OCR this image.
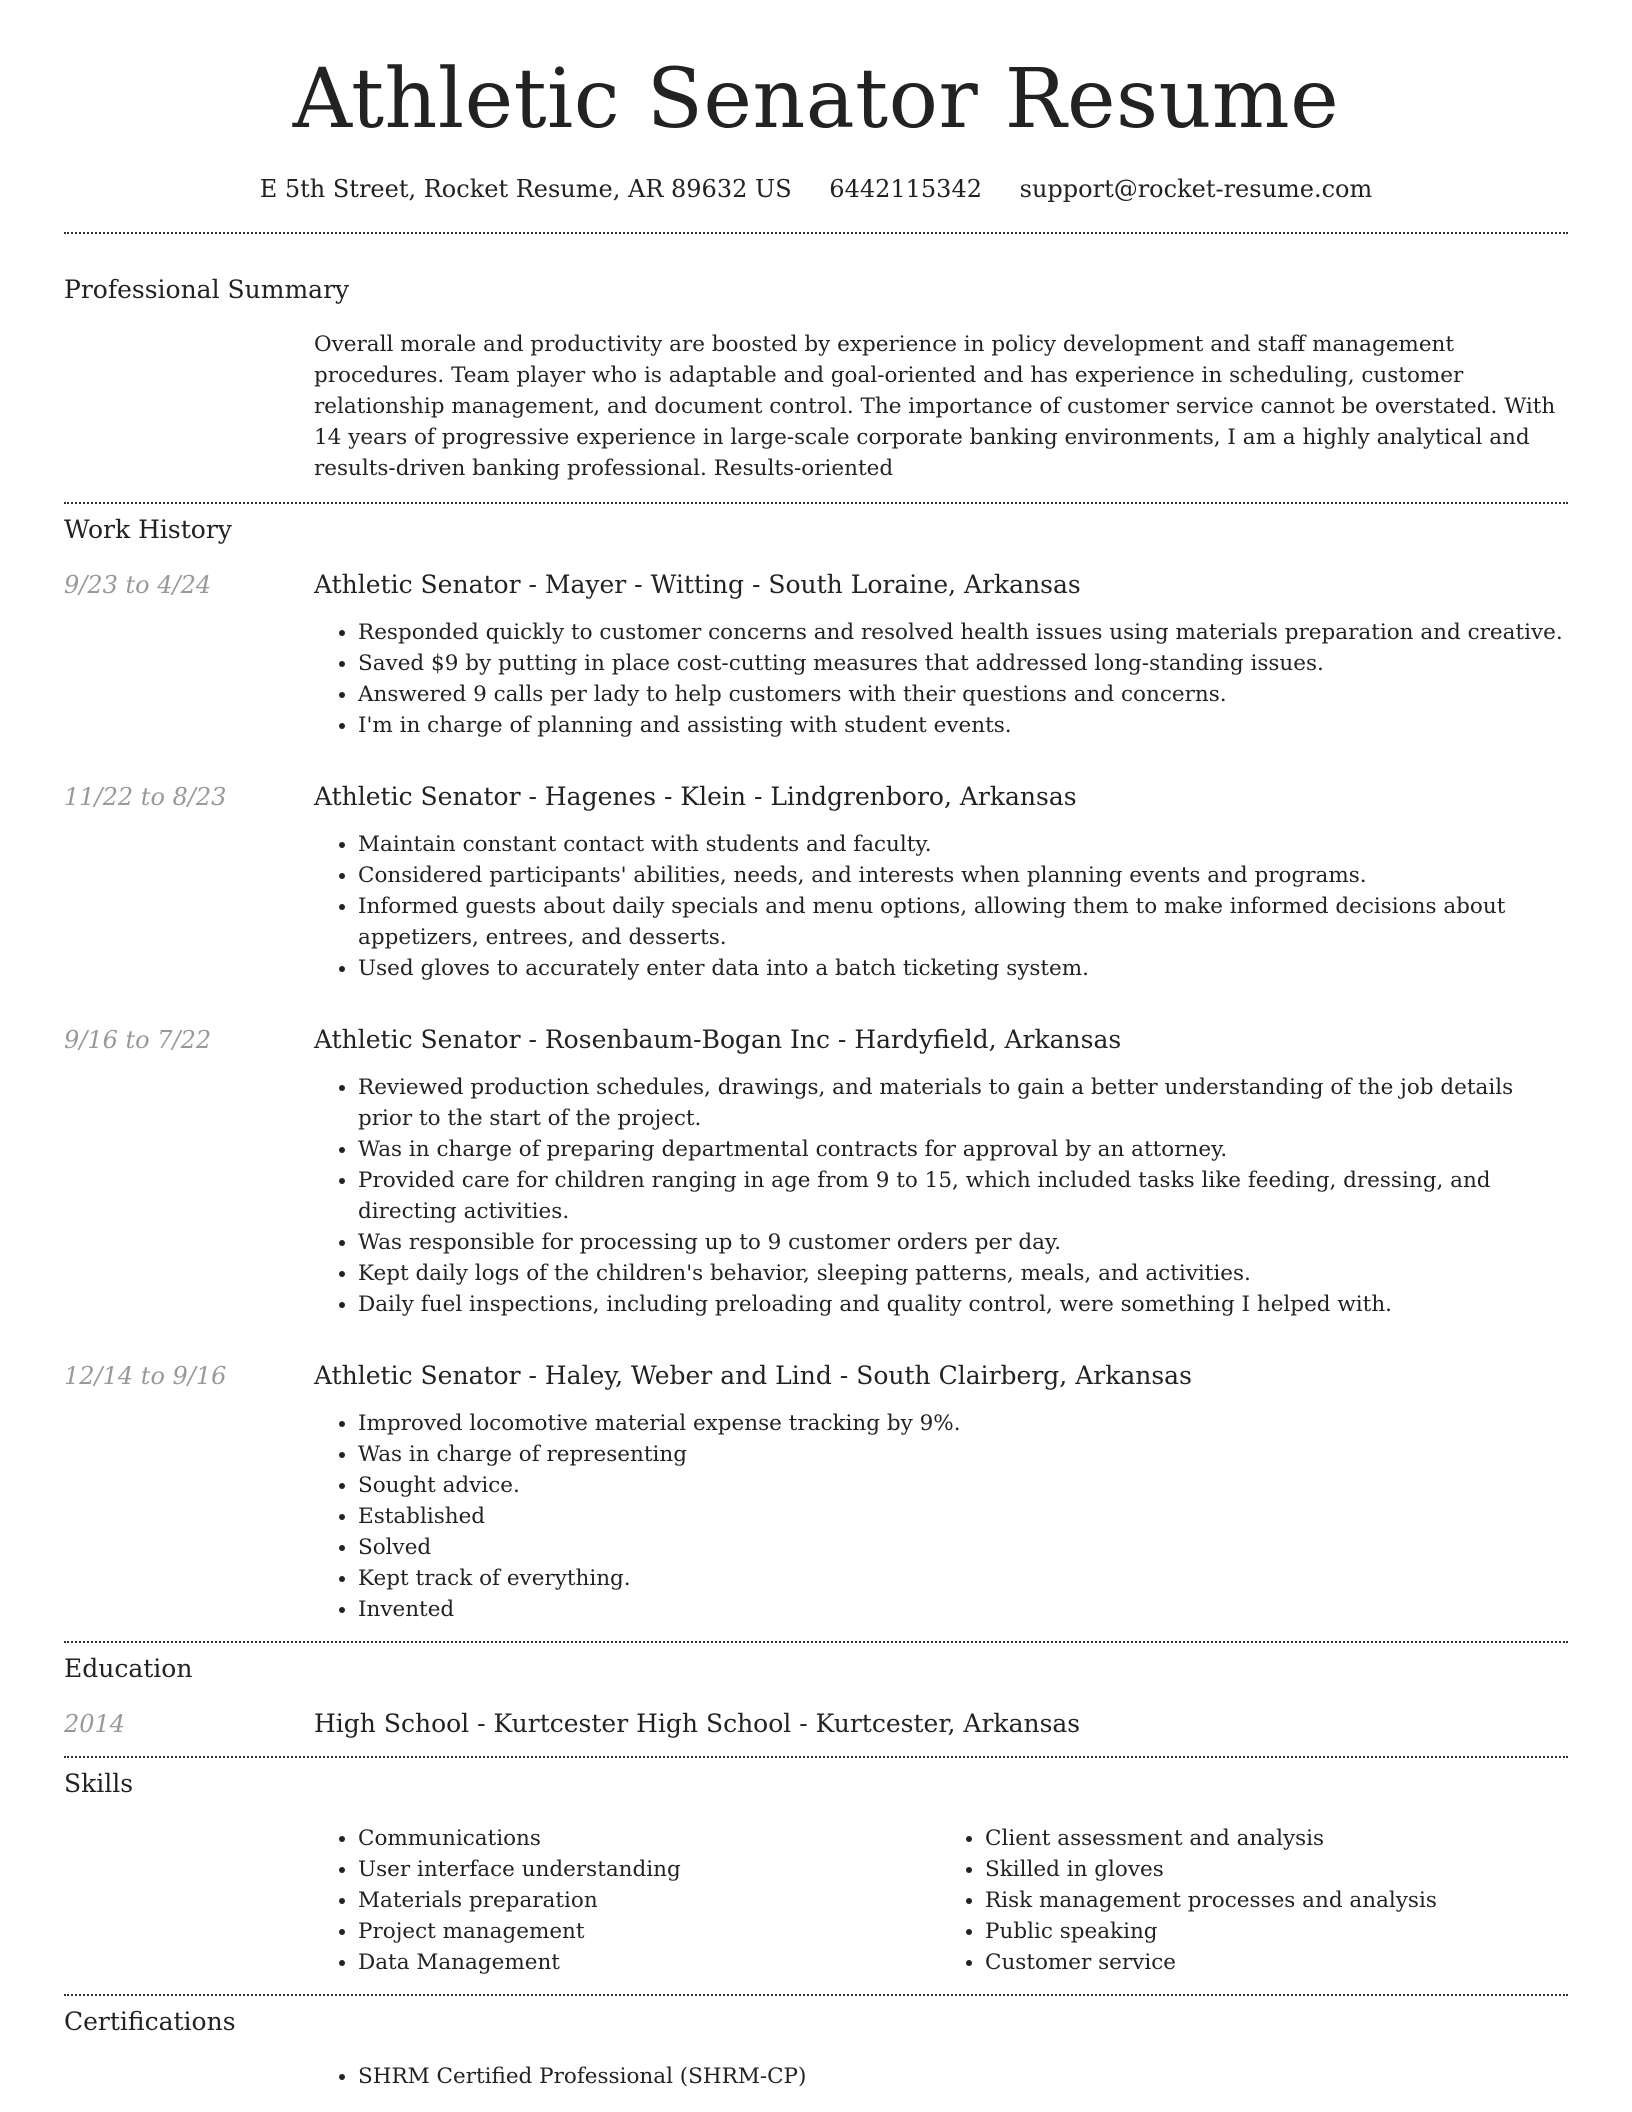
Athletic Senator Resume
E 5th Street, Rocket Resume, AR 89632 US 6442115342 support@rocket-resume.com
Professional Summary
Overall morale and productivity are boosted by experience in policy development and staff management procedures. Team player who is adaptable and goal-oriented and has experience in scheduling, customer relationship management, and document control. The importance of customer service cannot be overstated. With 14 years of progressive experience in large-scale corporate banking environments, I am a highly analytical and results-driven banking professional. Results-oriented
Work History
9/23 to 4/24	Athletic Senator - Mayer - Witting - South Loraine, Arkansas
• Responded quickly to customer concerns and resolved health issues using materials preparation and creative.
• Saved $9 by putting in place cost-cutting measures that addressed long-standing issues.
• Answered 9 calls per lady to help customers with their questions and concerns.
• I'm in charge of planning and assisting with student events.
11/22 to 8/23	Athletic Senator - Hagenes - Klein - Lindgrenboro, Arkansas
• Maintain constant contact with students and faculty.
• Considered participants' abilities, needs, and interests when planning events and programs.
• Informed guests about daily specials and menu options, allowing them to make informed decisions about appetizers, entrees, and desserts.
• Used gloves to accurately enter data into a batch ticketing system.
9/16 to 7/22	Athletic Senator - Rosenbaum-Bogan Inc - Hardyfield, Arkansas
• Reviewed production schedules, drawings, and materials to gain a better understanding of the job details prior to the start of the project.
• Was in charge of preparing departmental contracts for approval by an attorney.
• Provided care for children ranging in age from 9 to 15, which included tasks like feeding, dressing, and directing activities.
• Was responsible for processing up to 9 customer orders per day.
• Kept daily logs of the children's behavior, sleeping patterns, meals, and activities.
• Daily fuel inspections, including preloading and quality control, were something I helped with.
12/14 to 9/16	Athletic Senator - Haley, Weber and Lind - South Clairberg, Arkansas
• Improved locomotive material expense tracking by 9%.
• Was in charge of representing
• Sought advice.
• Established
• Solved
• Kept track of everything.
• Invented
Education
2014	High School - Kurtcester High School - Kurtcester, Arkansas
Skills
• Communications
• User interface understanding
• Materials preparation
• Project management
• Data Management
• Client assessment and analysis
• Skilled in gloves
• Risk management processes and analysis
• Public speaking
• Customer service
Certifications
• SHRM Certified Professional (SHRM-CP)
